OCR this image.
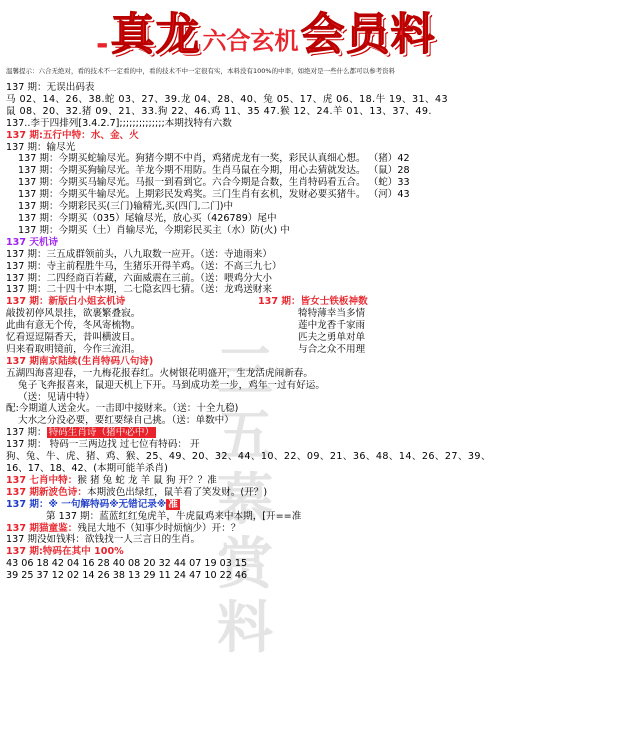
三
五
慕
赏
料
- 真龙 六合玄机 会员料
温馨提示：六合无绝对，看的技术不一定看的中，看的技术不中一定很有实，本料没有100%的中率，如绝对是一些什么都可以参考资料
137 期：无误出码表
马 02、14、26、38.蛇 03、27、39.龙 04、28、40、兔 05、17、虎 06、18.牛 19、31、43
鼠 08、20、32.猪 09、21、33.狗 22、46.鸡 11、35 47.猴 12、24.羊 01、13、37、49.
137..李于四排列[3.4.2.7];;;;;;;;;;;;;;本期找特有六数
137 期:五行中特：水、金、火
137 期：输尽光
137 期：今期买蛇输尽光。狗猪今期不中肖，鸡猪虎龙有一奖，彩民认真细心想。 （猪）42
137 期：今期买狗输尽光。羊龙今期不用防。生肖马鼠在今期，用心去猜就发达。 （鼠）28
137 期：今期买马输尽光。马报一到看到它。六合今期是合数，生肖特码看五合。 （蛇）33
137 期：今期买牛输尽光。上期彩民发鸡奖。三门生肖有玄机，发财必要买猪牛。 （河）43
137 期：今期彩民买(三门)输精光,买(四门,二门)中
137 期：今期买（035）尾输尽光，放心买（426789）尾中
137 期：今期买（土）肖输尽光，今期彩民买主（水）防(火) 中
137 天机诗
137 期：三五成群领前头，八九取数一应开。（送：寺迪雨来）
137 期：寺主前程胜牛马，生猪乐开得羊鸡。（送：不高三九七）
137 期：二四经商百若藏，六面威震在三前。（送：喂鸡分大小
137 期：二十四十中本期，二七隐玄四七猜。（送：龙鸡送财来
137 期：新版白小姐玄机诗
敲拨初停风景挂，欲裹繁叠寂。
此曲有意无个传，冬风寄梳物。
忆看逗逗隔香天，昔叫横波目。
归来看取明镜前，今作三流泪。
137 期：皆女士铁板神数
犄特薄幸当多情
莲中龙香千家雨
匹夫之勇单对单
与合之众不用理
137 期南京陆续(生肖特码八句诗)
五湖四海喜迎春，一九梅花报春红。火树银花明盛开，生龙活虎闹新春。
兔子飞奔报喜来，鼠迎天机上下开。马到成功差一步，鸡年一过有好运。
（送：见请中特）
配:今期道人送金火。一击即中接财来。（送：十全九稳)
大水之分没必要，要红要绿自己挑。（送：单数中）
137 期： 特码生肖诗（猪中必中）
137 期： 特码一三两边找 过七位有特码： 开
狗、兔、牛、虎、猪、鸡、猴、25、49、20、32、44、10、22、09、21、36、48、14、26、27、39、
16、17、18、42、(本期可能羊杀肖)
137 七肖中特：猴 猪 兔 蛇 龙 羊 鼠 狗 开？？准
137 期新波色诗：本期波色出绿红，鼠羊看了笑发财。(开？)
137 期：※ 一句解特码※无错记录※ 准
第 137 期：蓝蓝红红兔虎羊，牛虎鼠鸡来中本期，[开==准
137 期猫童鉴：残昆大地不（知事少时烦恼少）开：？
137 期没如钱料：欲钱找一人三言日的生肖。
137 期:特码在其中 100%
43 06 18 42 04 16 28 40 08 20 32 44 07 19 03 15
39 25 37 12 02 14 26 38 13 29 11 24 47 10 22 46
